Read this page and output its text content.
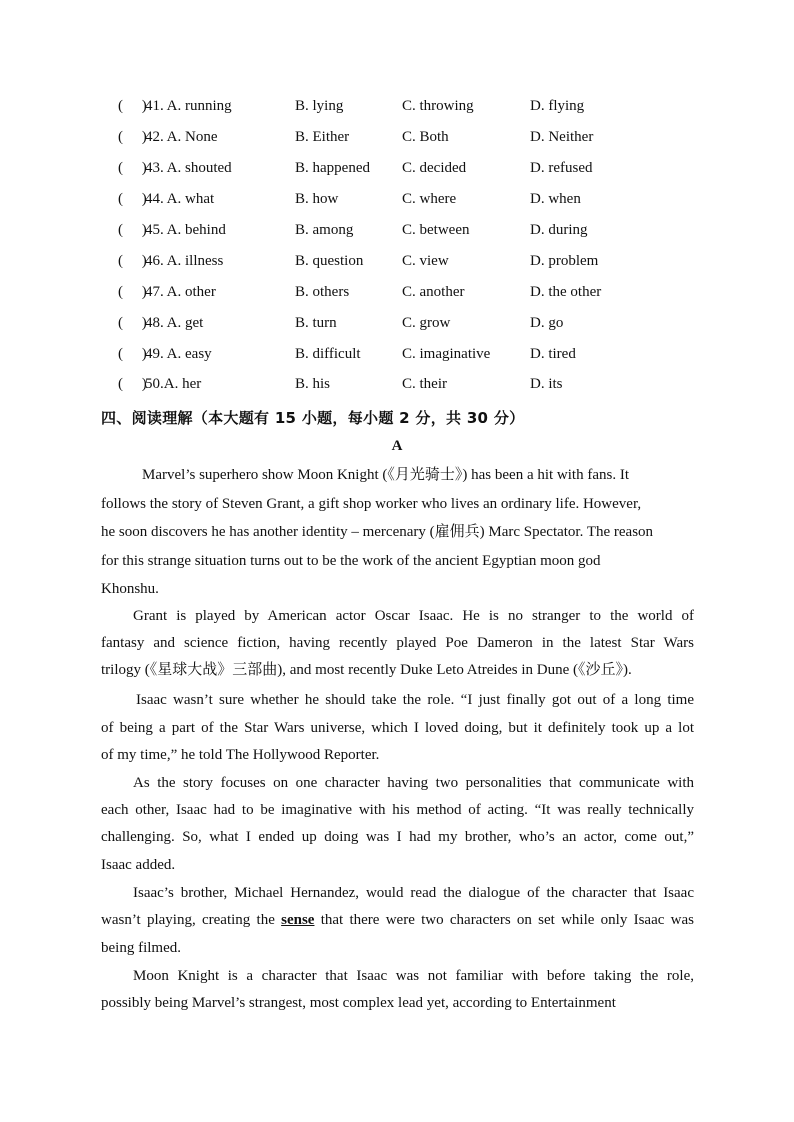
(　 )
41. A. running	B. lying	C. throwing	D. flying
(　 )
42. A. None	B. Either	C. Both	D. Neither
(　 )
43. A. shouted	B. happened C. decided	D. refused
(　 )
44. A. what	B. how	C. where	D. when
(　 )
45. A. behind	B. among	C. between	D. during
(　 )
46. A. illness	B. question	C. view	D. problem
(　 )
47. A. other	B. others	C. another	D. the other
(　 )
48. A. get	B. turn	C. grow	D. go
(　 )
49. A. easy	B. difficult	C. imaginative	D. tired
(　 )
50.A. her	B. his	C. their	D. its
四、阅读理解（本大题有 15 小题，每小题 2 分，共 30 分）
A
Marvel’s superhero show Moon Knight (《月光骑士》) has been a hit with fans. It
follows the story of Steven Grant, a gift shop worker who lives an ordinary life. However,
he soon discovers he has another identity – mercenary (雇佣兵) Marc Spectator. The reason
for this strange situation turns out to be the work of the ancient Egyptian moon god
Khonshu.
Grant is played by American actor Oscar Isaac. He is no stranger to the world of
fantasy and science fiction, having recently played Poe Dameron in the latest Star Wars
trilogy (《星球大战》三部曲), and most recently Duke Leto Atreides in Dune (《沙丘》).
Isaac wasn’t sure whether he should take the role. “I just finally got out of a long time
of being a part of the Star Wars universe, which I loved doing, but it definitely took up a lot
of my time,” he told The Hollywood Reporter.
As the story focuses on one character having two personalities that communicate with
each other, Isaac had to be imaginative with his method of acting. “It was really technically
challenging. So, what I ended up doing was I had my brother, who’s an actor, come out,”
Isaac added.
Isaac’s brother, Michael Hernandez, would read the dialogue of the character that Isaac
wasn’t playing, creating the sense that there were two characters on set while only Isaac was
being filmed.
Moon Knight is a character that Isaac was not familiar with before taking the role,
possibly being Marvel’s strangest, most complex lead yet, according to Entertainment
